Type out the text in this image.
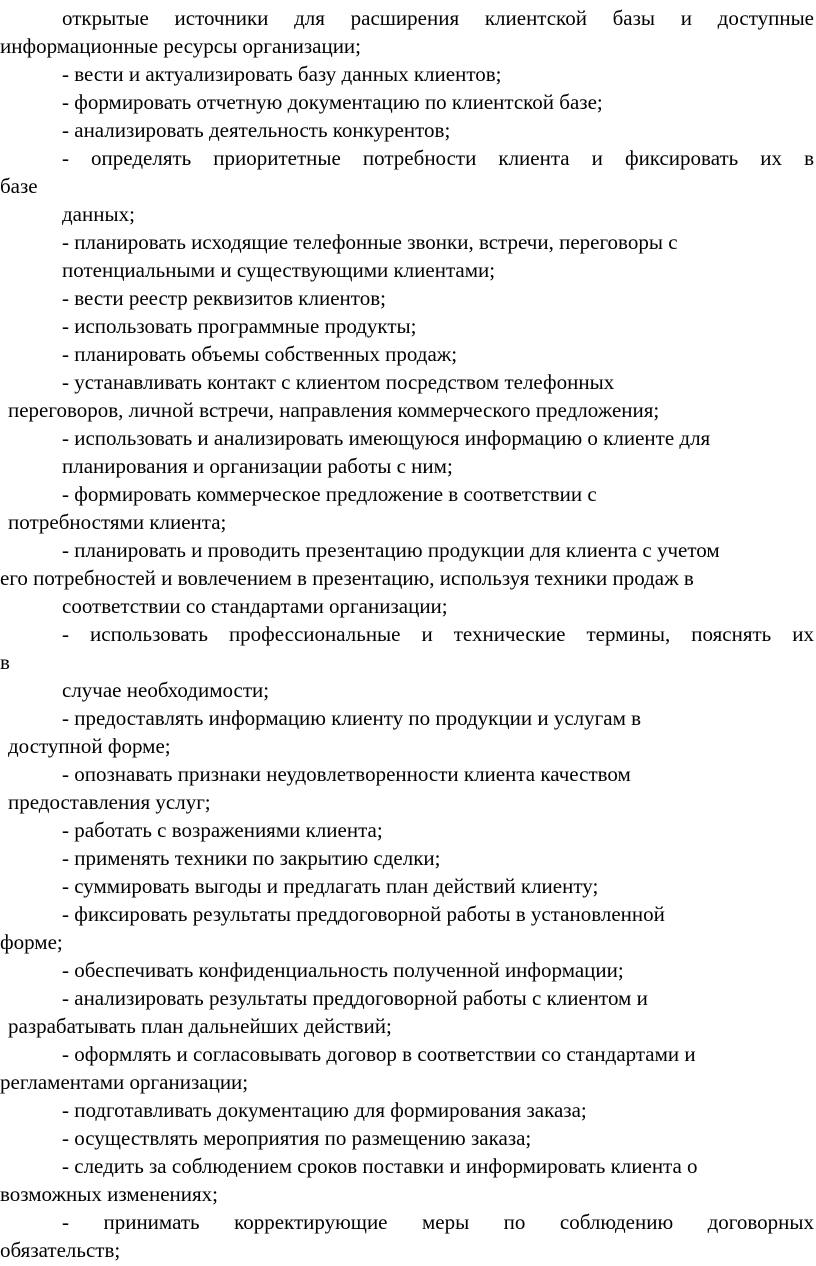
открытые источники для расширения клиентской базы и доступные

информационные ресурсы организации;

- вести и актуализировать базу данных клиентов;

- формировать отчетную документацию по клиентской базе;

- анализировать деятельность конкурентов;

- определять приоритетные потребности клиента и фиксировать их в

базе

данных;

- планировать исходящие телефонные звонки, встречи, переговоры с

потенциальными и существующими клиентами;

- вести реестр реквизитов клиентов;

- использовать программные продукты;

- планировать объемы собственных продаж;

- устанавливать контакт с клиентом посредством телефонных

переговоров, личной встречи, направления коммерческого предложения;

- использовать и анализировать имеющуюся информацию о клиенте для

планирования и организации работы с ним;

- формировать коммерческое предложение в соответствии с

потребностями клиента;

- планировать и проводить презентацию продукции для клиента с учетом

его потребностей и вовлечением в презентацию, используя техники продаж в

соответствии со стандартами организации;

- использовать профессиональные и технические термины, пояснять их

в

случае необходимости;

- предоставлять информацию клиенту по продукции и услугам в

доступной форме;

- опознавать признаки неудовлетворенности клиента качеством

предоставления услуг;

- работать с возражениями клиента;

- применять техники по закрытию сделки;

- суммировать выгоды и предлагать план действий клиенту;

- фиксировать результаты преддоговорной работы в установленной

форме;

- обеспечивать конфиденциальность полученной информации;

- анализировать результаты преддоговорной работы с клиентом и

разрабатывать план дальнейших действий;

- оформлять и согласовывать договор в соответствии со стандартами и

регламентами организации;

- подготавливать документацию для формирования заказа;

- осуществлять мероприятия по размещению заказа;

- следить за соблюдением сроков поставки и информировать клиента о

возможных изменениях;

- принимать корректирующие меры по соблюдению договорных

обязательств;
